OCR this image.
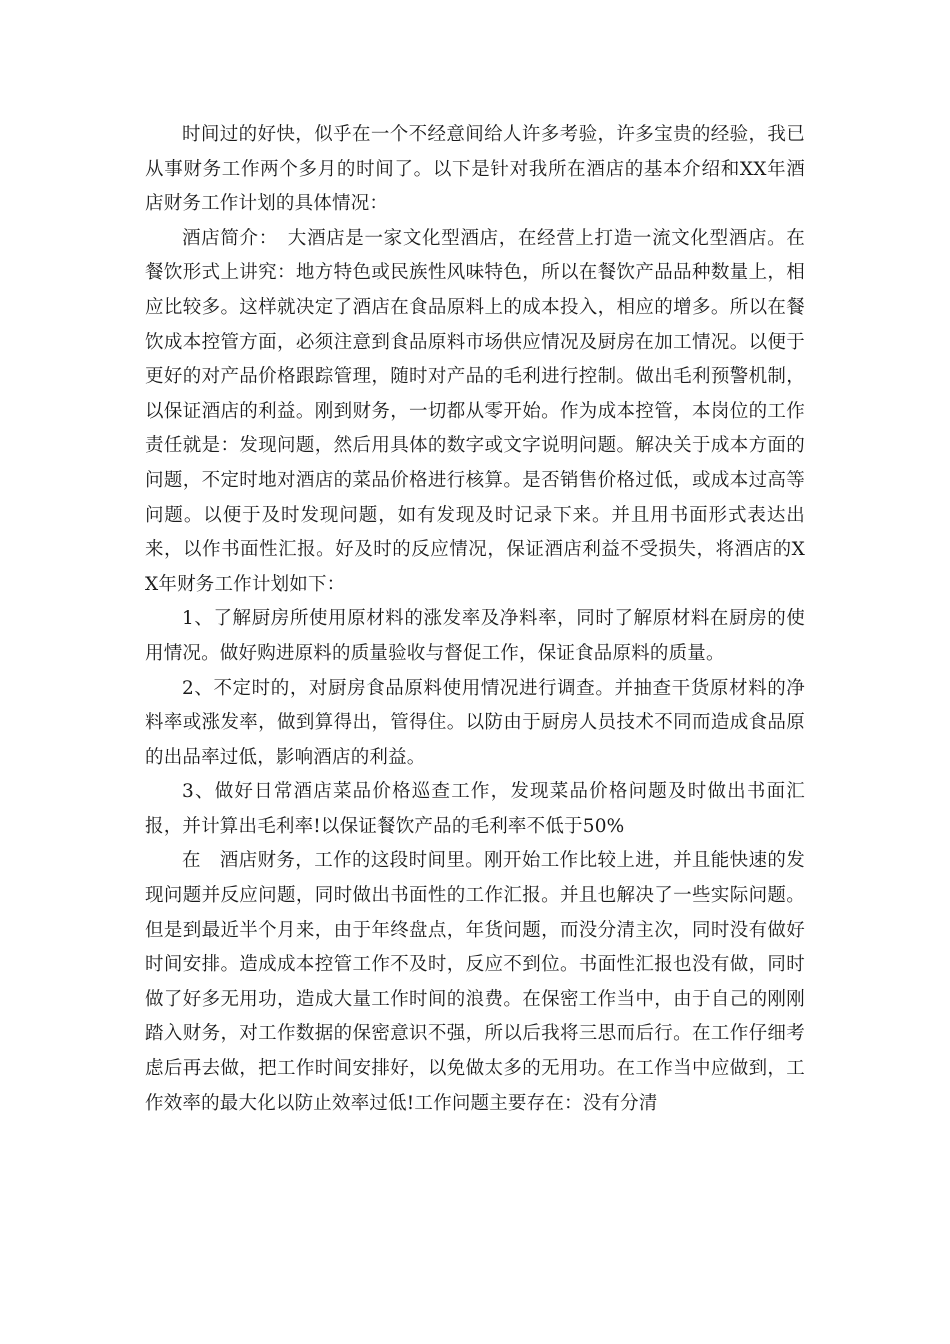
时间过的好快，似乎在一个不经意间给人许多考验，许多宝贵的经验，我已从事财务工作两个多月的时间了。以下是针对我所在酒店的基本介绍和XX年酒店财务工作计划的具体情况：

酒店简介：　大酒店是一家文化型酒店，在经营上打造一流文化型酒店。在餐饮形式上讲究：地方特色或民族性风味特色，所以在餐饮产品品种数量上，相应比较多。这样就决定了酒店在食品原料上的成本投入，相应的增多。所以在餐饮成本控管方面，必须注意到食品原料市场供应情况及厨房在加工情况。以便于更好的对产品价格跟踪管理，随时对产品的毛利进行控制。做出毛利预警机制，以保证酒店的利益。刚到财务，一切都从零开始。作为成本控管，本岗位的工作责任就是：发现问题，然后用具体的数字或文字说明问题。解决关于成本方面的问题，不定时地对酒店的菜品价格进行核算。是否销售价格过低，或成本过高等问题。以便于及时发现问题，如有发现及时记录下来。并且用书面形式表达出来，以作书面性汇报。好及时的反应情况，保证酒店利益不受损失，将酒店的XX年财务工作计划如下：

1、了解厨房所使用原材料的涨发率及净料率，同时了解原材料在厨房的使用情况。做好购进原料的质量验收与督促工作，保证食品原料的质量。

2、不定时的，对厨房食品原料使用情况进行调查。并抽查干货原材料的净料率或涨发率，做到算得出，管得住。以防由于厨房人员技术不同而造成食品原的出品率过低，影响酒店的利益。

3、做好日常酒店菜品价格巡查工作，发现菜品价格问题及时做出书面汇报，并计算出毛利率!以保证餐饮产品的毛利率不低于50%

在　酒店财务，工作的这段时间里。刚开始工作比较上进，并且能快速的发现问题并反应问题，同时做出书面性的工作汇报。并且也解决了一些实际问题。但是到最近半个月来，由于年终盘点，年货问题，而没分清主次，同时没有做好时间安排。造成成本控管工作不及时，反应不到位。书面性汇报也没有做，同时做了好多无用功，造成大量工作时间的浪费。在保密工作当中，由于自己的刚刚踏入财务，对工作数据的保密意识不强，所以后我将三思而后行。在工作仔细考虑后再去做，把工作时间安排好，以免做太多的无用功。在工作当中应做到，工作效率的最大化以防止效率过低!工作问题主要存在：没有分清
